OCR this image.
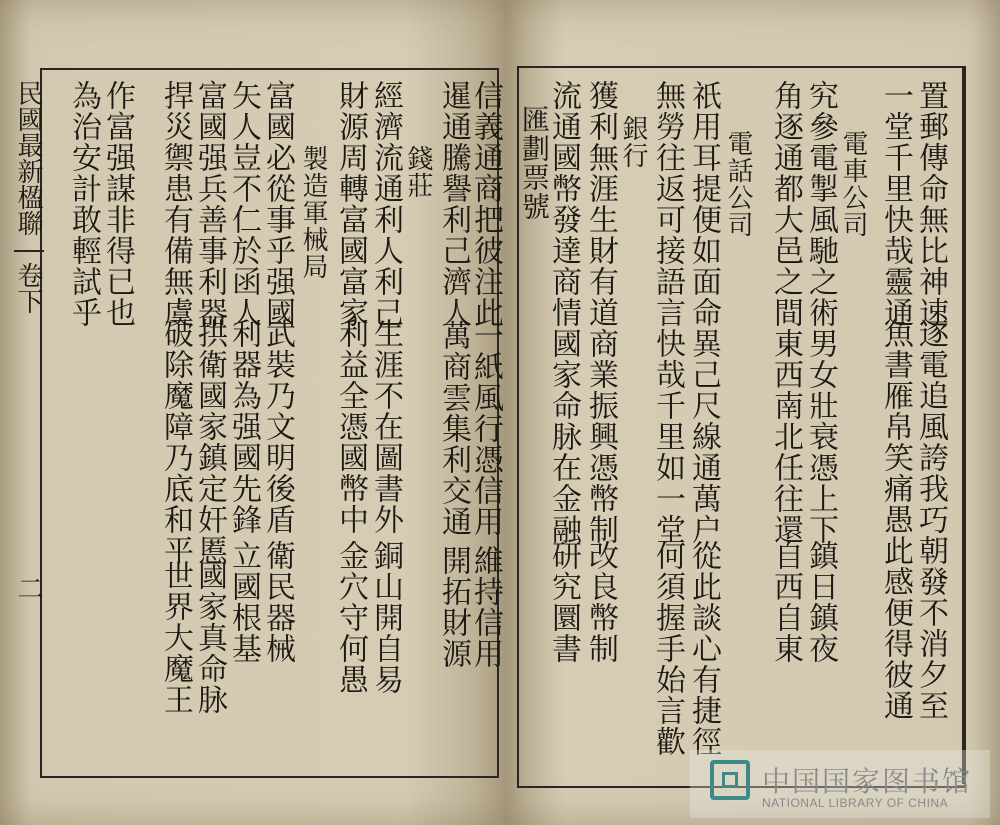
民國最新楹聯
卷下
二
信義通商把彼注此
暹通騰譽利己濟人
錢莊
經濟流通利人利己
財源周轉富國富家
製造軍械局
富國必從事乎强國
矢人豈不仁於函人
富國强兵善事利器
捍災禦患有備無虞
作富强謀非得已也
為治安計敢輕試乎
一紙風行憑信用
萬商雲集利交通
維持信用
開拓財源
生涯不在圖書外
利益全憑國幣中
銅山開自易
金穴守何愚
武裝乃文明後盾
利器為强國先鋒
衛民器械
立國根基
拱衛國家鎮定奸慝
破除魔障乃底和平
國家真命脉
世界大魔王
匯劃票號
流通國幣發達商情 獲利無涯生財有道 銀行 無勞往返可接語言 祇用耳提便如面命 電話公司 角逐通都大邑之間 究參電掣風馳之術 電車公司 一堂千里快哉靈通 置郵傳命無比神速
國家命脉在金融 商業振興憑幣制
研究圜書 改良幣制
快哉千里如一堂 異己尺線通萬户
何須握手始言歡 從此談心有捷徑
東西南北任往還 男女壯衰憑上下
自西自東 鎮日鎮夜
魚書雁帛笑痛愚 逐電追風誇我巧
此感便得彼通 朝發不消夕至
中国国家图书馆
NATIONAL LIBRARY OF CHINA
